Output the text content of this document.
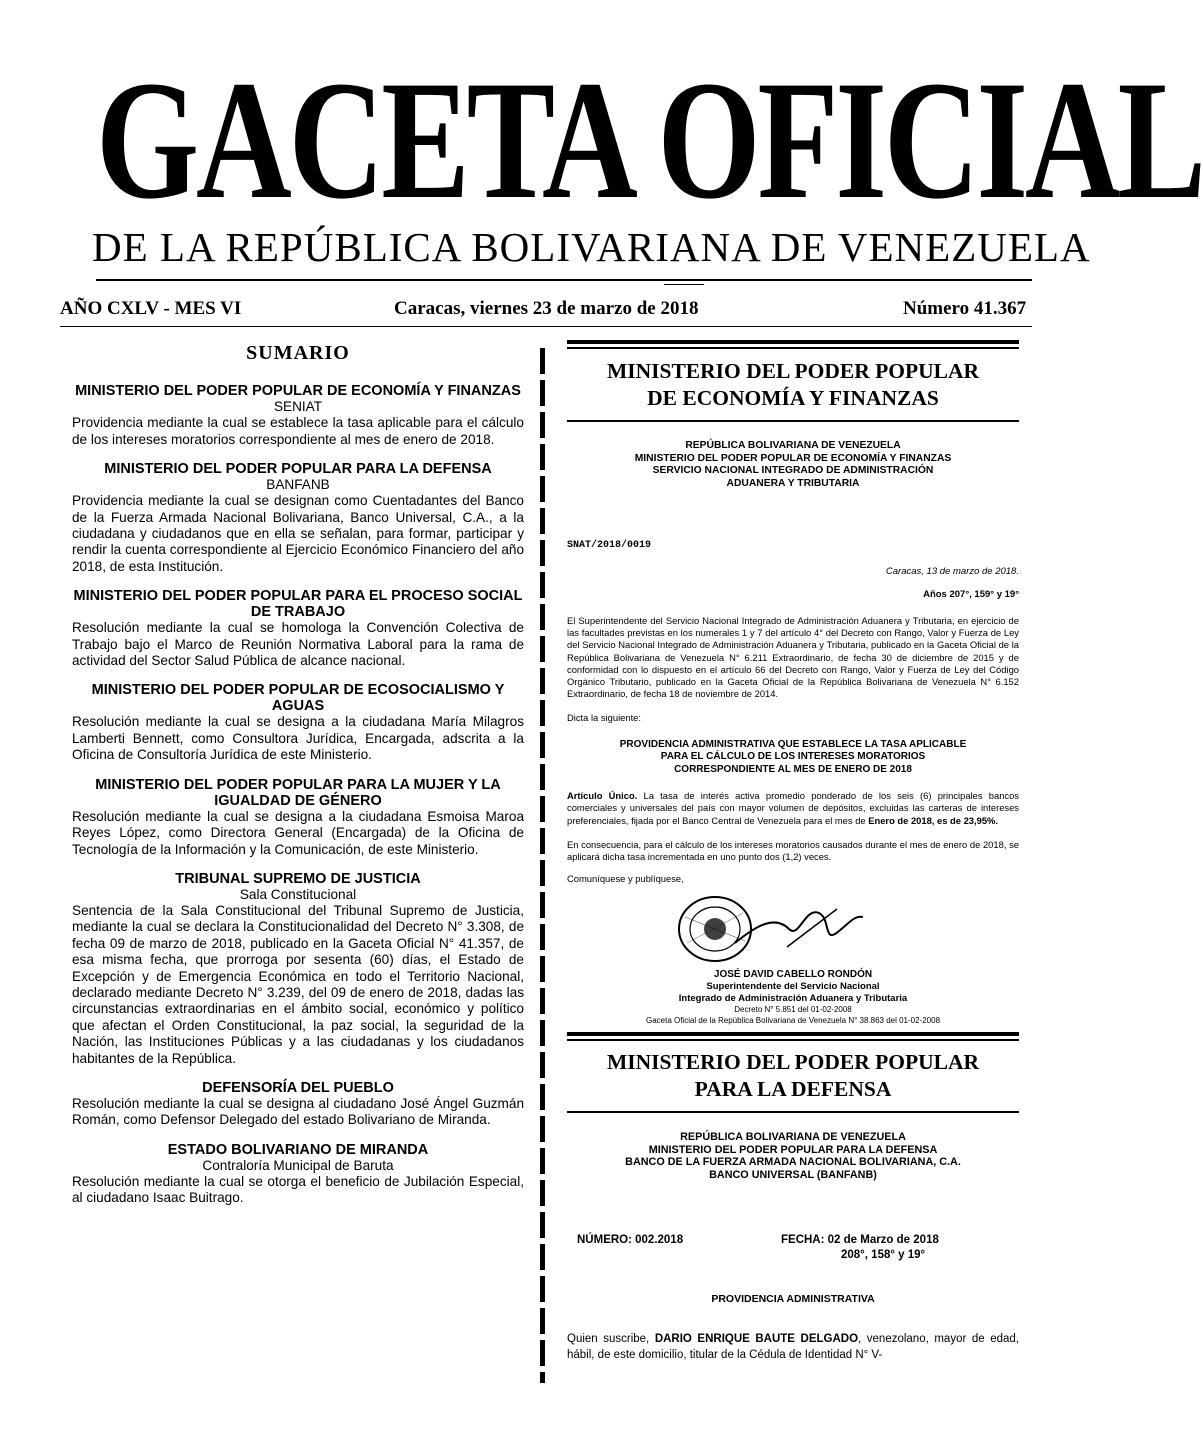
GACETA OFICIAL
DE LA REPÚBLICA BOLIVARIANA DE VENEZUELA
AÑO CXLV - MES VI	Caracas, viernes 23 de marzo de 2018	Número 41.367
SUMARIO
MINISTERIO DEL PODER POPULAR DE ECONOMÍA Y FINANZAS
SENIAT
Providencia mediante la cual se establece la tasa aplicable para el cálculo de los intereses moratorios correspondiente al mes de enero de 2018.
MINISTERIO DEL PODER POPULAR PARA LA DEFENSA
BANFANB
Providencia mediante la cual se designan como Cuentadantes del Banco de la Fuerza Armada Nacional Bolivariana, Banco Universal, C.A., a la ciudadana y ciudadanos que en ella se señalan, para formar, participar y rendir la cuenta correspondiente al Ejercicio Económico Financiero del año 2018, de esta Institución.
MINISTERIO DEL PODER POPULAR PARA EL PROCESO SOCIAL DE TRABAJO
Resolución mediante la cual se homologa la Convención Colectiva de Trabajo bajo el Marco de Reunión Normativa Laboral para la rama de actividad del Sector Salud Pública de alcance nacional.
MINISTERIO DEL PODER POPULAR DE ECOSOCIALISMO Y AGUAS
Resolución mediante la cual se designa a la ciudadana María Milagros Lamberti Bennett, como Consultora Jurídica, Encargada, adscrita a la Oficina de Consultoría Jurídica de este Ministerio.
MINISTERIO DEL PODER POPULAR PARA LA MUJER Y LA IGUALDAD DE GÉNERO
Resolución mediante la cual se designa a la ciudadana Esmoisa Maroa Reyes López, como Directora General (Encargada) de la Oficina de Tecnología de la Información y la Comunicación, de este Ministerio.
TRIBUNAL SUPREMO DE JUSTICIA
Sala Constitucional
Sentencia de la Sala Constitucional del Tribunal Supremo de Justicia, mediante la cual se declara la Constitucionalidad del Decreto N° 3.308, de fecha 09 de marzo de 2018, publicado en la Gaceta Oficial N° 41.357, de esa misma fecha, que prorroga por sesenta (60) días, el Estado de Excepción y de Emergencia Económica en todo el Territorio Nacional, declarado mediante Decreto N° 3.239, del 09 de enero de 2018, dadas las circunstancias extraordinarias en el ámbito social, económico y político que afectan el Orden Constitucional, la paz social, la seguridad de la Nación, las Instituciones Públicas y a las ciudadanas y los ciudadanos habitantes de la República.
DEFENSORÍA DEL PUEBLO
Resolución mediante la cual se designa al ciudadano José Ángel Guzmán Román, como Defensor Delegado del estado Bolivariano de Miranda.
ESTADO BOLIVARIANO DE MIRANDA
Contraloría Municipal de Baruta
Resolución mediante la cual se otorga el beneficio de Jubilación Especial, al ciudadano Isaac Buitrago.
MINISTERIO DEL PODER POPULAR
DE ECONOMÍA Y FINANZAS
REPÚBLICA BOLIVARIANA DE VENEZUELA
MINISTERIO DEL PODER POPULAR DE ECONOMÍA Y FINANZAS
SERVICIO NACIONAL INTEGRADO DE ADMINISTRACIÓN
ADUANERA Y TRIBUTARIA
SNAT/2018/0019
Caracas, 13 de marzo de 2018.
Años 207°, 159° y 19°
El Superintendente del Servicio Nacional Integrado de Administración Aduanera y Tributaria, en ejercicio de las facultades previstas en los numerales 1 y 7 del artículo 4° del Decreto con Rango, Valor y Fuerza de Ley del Servicio Nacional Integrado de Administración Aduanera y Tributaria, publicado en la Gaceta Oficial de la República Bolivariana de Venezuela N° 6.211 Extraordinario, de fecha 30 de diciembre de 2015 y de conformidad con lo dispuesto en el artículo 66 del Decreto con Rango, Valor y Fuerza de Ley del Código Orgánico Tributario, publicado en la Gaceta Oficial de la República Bolivariana de Venezuela N° 6.152 Extraordinario, de fecha 18 de noviembre de 2014.
Dicta la siguiente:
PROVIDENCIA ADMINISTRATIVA QUE ESTABLECE LA TASA APLICABLE
PARA EL CÁLCULO DE LOS INTERESES MORATORIOS
CORRESPONDIENTE AL MES DE ENERO DE 2018
Artículo Único. La tasa de interés activa promedio ponderado de los seis (6) principales bancos comerciales y universales del país con mayor volumen de depósitos, excluidas las carteras de intereses preferenciales, fijada por el Banco Central de Venezuela para el mes de Enero de 2018, es de 23,95%.
En consecuencia, para el cálculo de los intereses moratorios causados durante el mes de enero de 2018, se aplicará dicha tasa incrementada en uno punto dos (1,2) veces.
Comuníquese y publíquese,
JOSÉ DAVID CABELLO RONDÓN
Superintendente del Servicio Nacional
Integrado de Administración Aduanera y Tributaria
Decreto N° 5.851 del 01-02-2008
Gaceta Oficial de la República Bolivariana de Venezuela N° 38.863 del 01-02-2008
MINISTERIO DEL PODER POPULAR
PARA LA DEFENSA
REPÚBLICA BOLIVARIANA DE VENEZUELA
MINISTERIO DEL PODER POPULAR PARA LA DEFENSA
BANCO DE LA FUERZA ARMADA NACIONAL BOLIVARIANA, C.A.
BANCO UNIVERSAL (BANFANB)
NÚMERO: 002.2018	FECHA: 02 de Marzo de 2018
208°, 158° y 19°
PROVIDENCIA ADMINISTRATIVA
Quien suscribe, DARIO ENRIQUE BAUTE DELGADO, venezolano, mayor de edad, hábil, de este domicilio, titular de la Cédula de Identidad N° V-
